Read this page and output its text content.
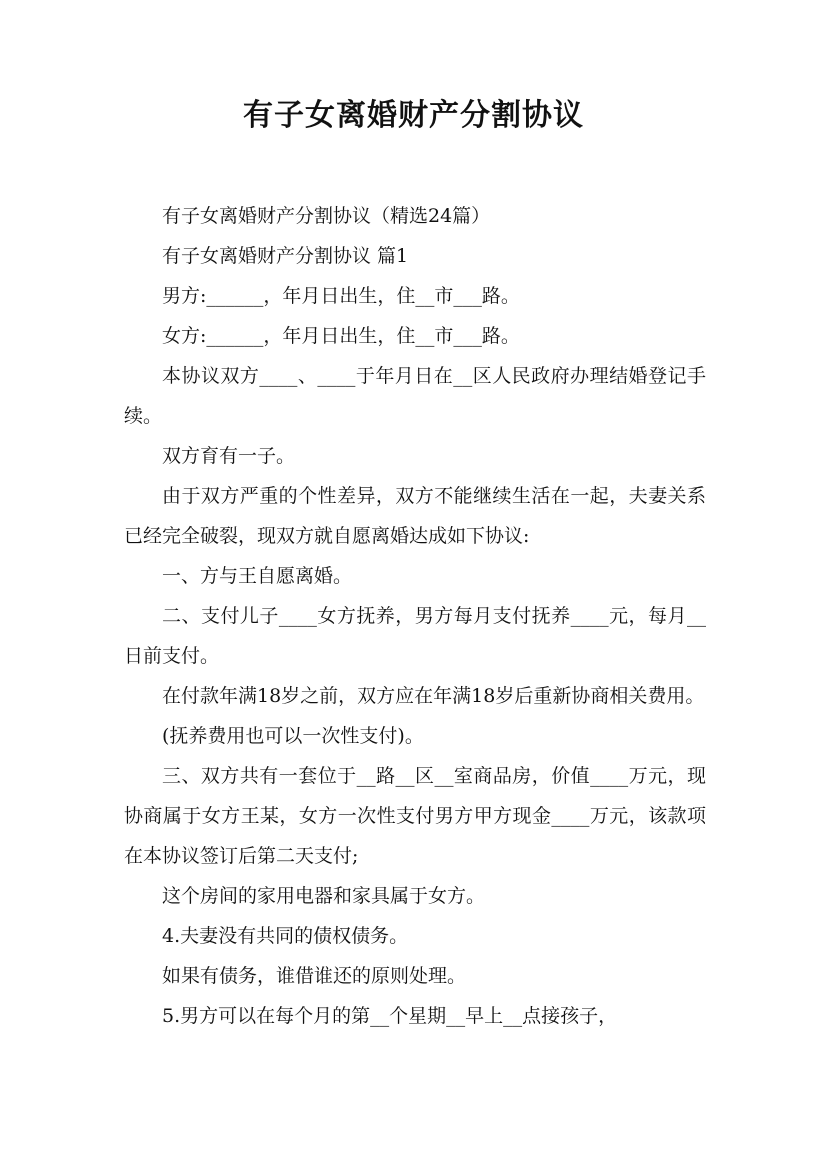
有子女离婚财产分割协议

有子女离婚财产分割协议（精选24篇）

有子女离婚财产分割协议 篇1

男方:______，年月日出生，住__市___路。

女方:______，年月日出生，住__市___路。

本协议双方____、____于年月日在__区人民政府办理结婚登记手续。

双方育有一子。

由于双方严重的个性差异，双方不能继续生活在一起，夫妻关系已经完全破裂，现双方就自愿离婚达成如下协议:

一、方与王自愿离婚。

二、支付儿子____女方抚养，男方每月支付抚养____元，每月__日前支付。

在付款年满18岁之前，双方应在年满18岁后重新协商相关费用。

(抚养费用也可以一次性支付)。

三、双方共有一套位于__路__区__室商品房，价值____万元，现协商属于女方王某，女方一次性支付男方甲方现金____万元，该款项在本协议签订后第二天支付;

这个房间的家用电器和家具属于女方。

4.夫妻没有共同的债权债务。

如果有债务，谁借谁还的原则处理。

5.男方可以在每个月的第__个星期__早上__点接孩子，
